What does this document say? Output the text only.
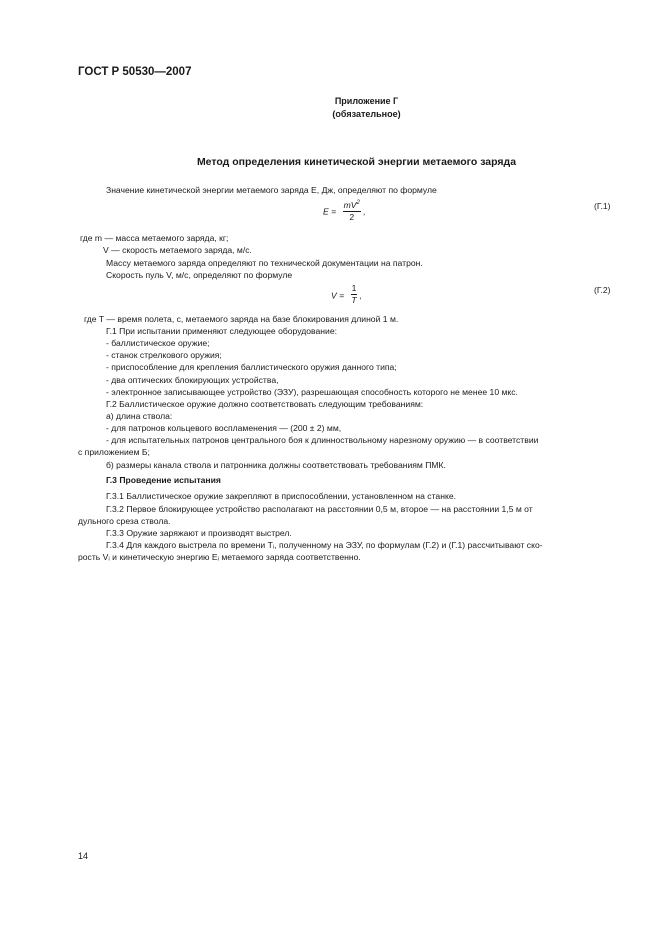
ГОСТ Р 50530—2007
Приложение Г
(обязательное)
Метод определения кинетической энергии метаемого заряда
Значение кинетической энергии метаемого заряда E, Дж, определяют по формуле
$E = \frac{mV^2}{2}$ ,
(Г.1)
где m — масса метаемого заряда, кг;
V — скорость метаемого заряда, м/с.
Массу метаемого заряда определяют по технической документации на патрон.
Скорость пуль V, м/с, определяют по формуле
$V = \frac{1}{T}$ ,
(Г.2)
где T — время полета, с, метаемого заряда на базе блокирования длиной 1 м.
Г.1 При испытании применяют следующее оборудование:
- баллистическое оружие;
- станок стрелкового оружия;
- приспособление для крепления баллистического оружия данного типа;
- два оптических блокирующих устройства,
- электронное записывающее устройство (ЭЗУ), разрешающая способность которого не менее 10 мкс.
Г.2 Баллистическое оружие должно соответствовать следующим требованиям:
а) длина ствола:
- для патронов кольцевого воспламенения — (200 ± 2) мм,
- для испытательных патронов центрального боя к длинноствольному нарезному оружию — в соответствии
с приложением Б;
б) размеры канала ствола и патронника должны соответствовать требованиям ПМК.
Г.3 Проведение испытания
Г.3.1 Баллистическое оружие закрепляют в приспособлении, установленном на станке.
Г.3.2 Первое блокирующее устройство располагают на расстоянии 0,5 м, второе — на расстоянии 1,5 м от
дульного среза ствола.
Г.3.3 Оружие заряжают и производят выстрел.
Г.3.4 Для каждого выстрела по времени Tᵢ, полученному на ЭЗУ, по формулам (Г.2) и (Г.1) рассчитывают ско-
рость Vᵢ и кинетическую энергию Eᵢ метаемого заряда соответственно.
14
